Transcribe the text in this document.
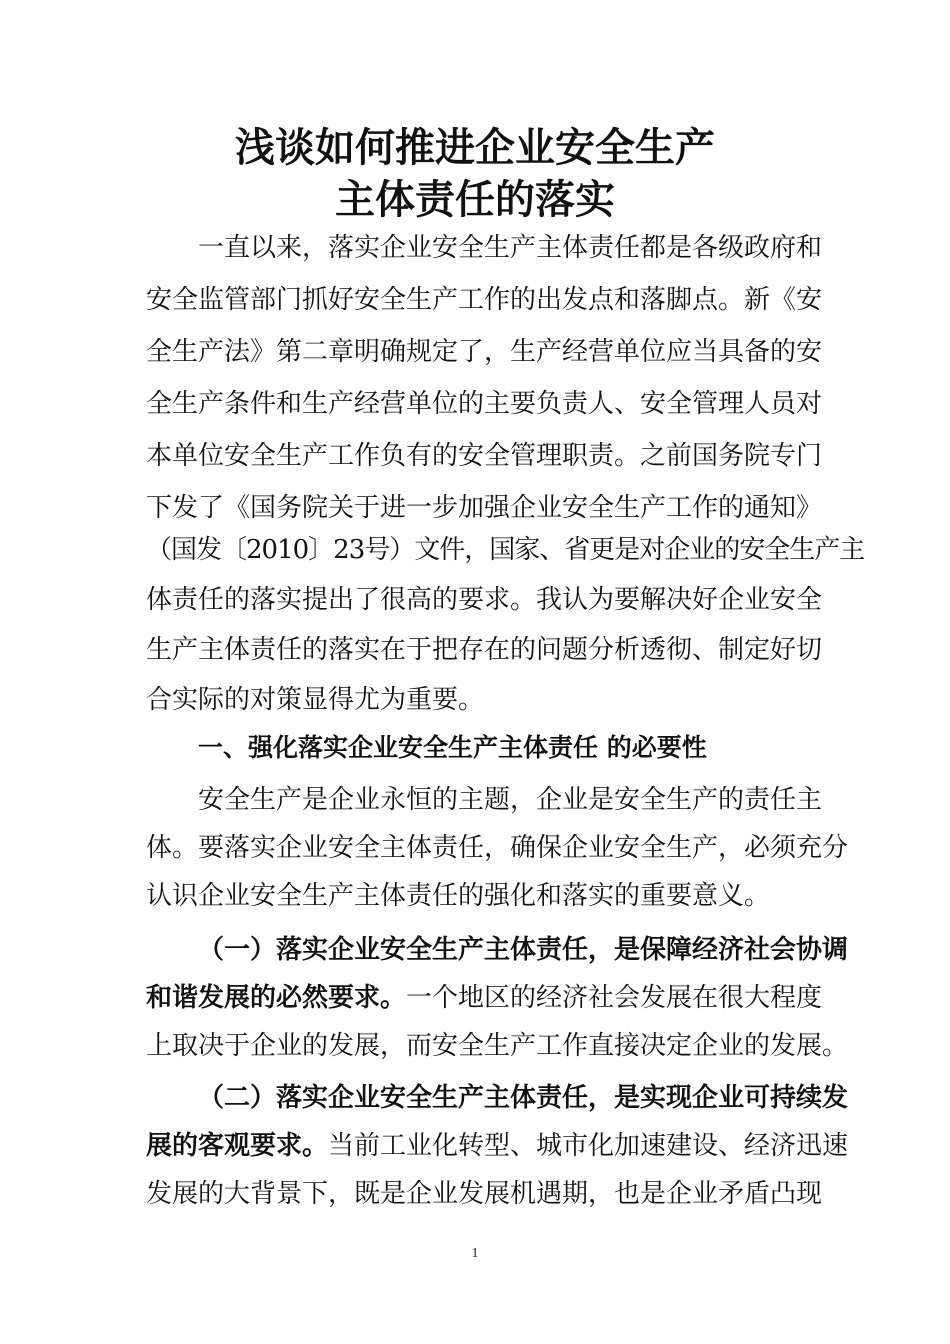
浅谈如何推进企业安全生产
主体责任的落实
一直以来，落实企业安全生产主体责任都是各级政府和
安全监管部门抓好安全生产工作的出发点和落脚点。新《安
全生产法》第二章明确规定了，生产经营单位应当具备的安
全生产条件和生产经营单位的主要负责人、安全管理人员对
本单位安全生产工作负有的安全管理职责。之前国务院专门
下发了《国务院关于进一步加强企业安全生产工作的通知》
（国发〔2010〕23号）文件，国家、省更是对企业的安全生产主
体责任的落实提出了很高的要求。我认为要解决好企业安全
生产主体责任的落实在于把存在的问题分析透彻、制定好切
合实际的对策显得尤为重要。
一、强化落实企业安全生产主体责任 的必要性
安全生产是企业永恒的主题，企业是安全生产的责任主
体。要落实企业安全主体责任，确保企业安全生产，必须充分
认识企业安全生产主体责任的强化和落实的重要意义。
（一）落实企业安全生产主体责任，是保障经济社会协调
和谐发展的必然要求。一个地区的经济社会发展在很大程度
上取决于企业的发展，而安全生产工作直接决定企业的发展。
（二）落实企业安全生产主体责任，是实现企业可持续发
展的客观要求。当前工业化转型、城市化加速建设、经济迅速
发展的大背景下，既是企业发展机遇期，也是企业矛盾凸现
1
